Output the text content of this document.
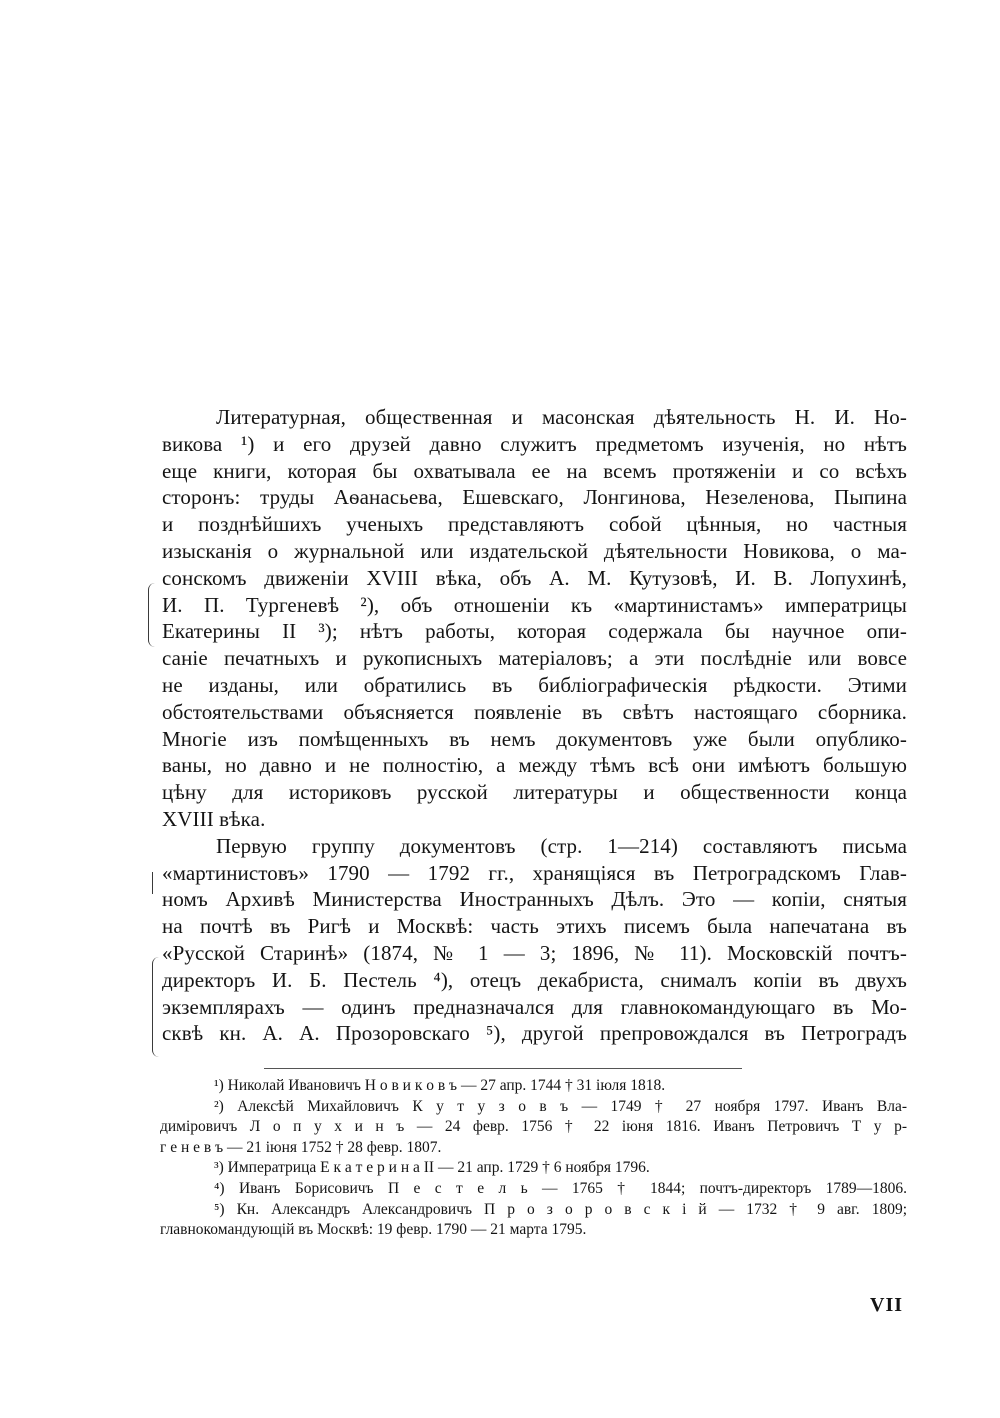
Литературная, общественная и масонская дѣятельность Н. И. Но-
викова ¹) и его друзей давно служитъ предметомъ изученія, но нѣтъ
еще книги, которая бы охватывала ее на всемъ протяженіи и со всѣхъ
сторонъ: труды Аѳанасьева, Ешевскаго, Лонгинова, Незеленова, Пыпина
и позднѣйшихъ ученыхъ представляютъ собой цѣнныя, но частныя
изысканія о журнальной или издательской дѣятельности Новикова, о ма-
сонскомъ движеніи XVIII вѣка, объ А. М. Кутузовѣ, И. В. Лопухинѣ,
И. П. Тургеневѣ ²), объ отношеніи къ «мартинистамъ» императрицы
Екатерины II ³); нѣтъ работы, которая содержала бы научное опи-
саніе печатныхъ и рукописныхъ матеріаловъ; а эти послѣдніе или вовсе
не изданы, или обратились въ библіографическія рѣдкости. Этими
обстоятельствами объясняется появленіе въ свѣтъ настоящаго сборника.
Многіе изъ помѣщенныхъ въ немъ документовъ уже были опублико-
ваны, но давно и не полностію, а между тѣмъ всѣ они имѣютъ большую
цѣну для историковъ русской литературы и общественности конца
XVIII вѣка.
Первую группу документовъ (стр. 1—214) составляютъ письма
«мартинистовъ» 1790 — 1792 гг., хранящіяся въ Петроградскомъ Глав-
номъ Архивѣ Министерства Иностранныхъ Дѣлъ. Это — копіи, снятыя
на почтѣ въ Ригѣ и Москвѣ: часть этихъ писемъ была напечатана въ
«Русской Старинѣ» (1874, № 1 — 3; 1896, № 11). Московскій почтъ-
директоръ И. Б. Пестель ⁴), отецъ декабриста, снималъ копіи въ двухъ
экземплярахъ — одинъ предназначался для главнокомандующаго въ Мо-
сквѣ кн. А. А. Прозоровскаго ⁵), другой препровождался въ Петроградъ
¹) Николай Ивановичъ Н о в и к о в ъ — 27 апр. 1744 † 31 іюля 1818.
²) Алексѣй Михайловичъ К у т у з о в ъ — 1749 † 27 ноября 1797. Иванъ Вла-
диміровичъ Л о п у х и н ъ — 24 февр. 1756 † 22 іюня 1816. Иванъ Петровичъ Т у р-
г е н е в ъ — 21 іюня 1752 † 28 февр. 1807.
³) Императрица Е к а т е р и н а II — 21 апр. 1729 † 6 ноября 1796.
⁴) Иванъ Борисовичъ П е с т е л ь — 1765 † 1844; почтъ-директоръ 1789—1806.
⁵) Кн. Александръ Александровичъ П р о з о р о в с к і й — 1732 † 9 авг. 1809;
главнокомандующій въ Москвѣ: 19 февр. 1790 — 21 марта 1795.
VII
